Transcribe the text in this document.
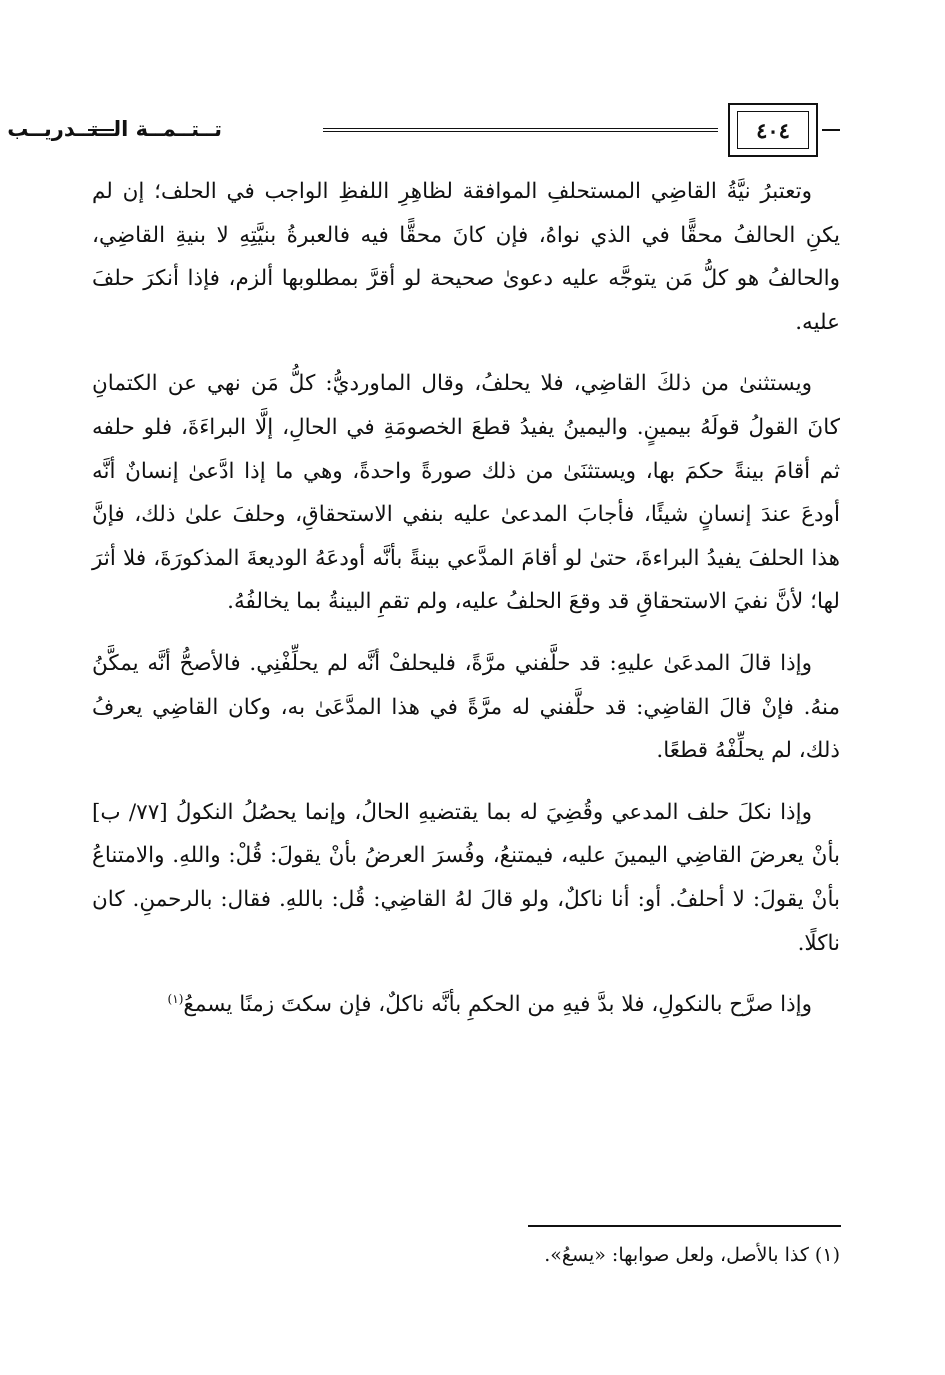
تــتــمــة الــتــدريــب	٤٠٤

وتعتبرُ نيَّةُ القاضِي المستحلفِ الموافقة لظاهِرِ اللفظِ الواجب في الحلف؛ إن لم يكنِ الحالفُ محقًّا في الذي نواهُ، فإن كانَ محقًّا فيه فالعبرةُ بنيَّتِهِ لا بنيةِ القاضِي، والحالفُ هو كلُّ مَن يتوجَّه عليه دعوىٰ صحيحة لو أقرَّ بمطلوبها ألزم، فإذا أنكرَ حلفَ عليه.

ويستثنىٰ من ذلكَ القاضِي، فلا يحلفُ، وقال الماورديُّ: كلُّ مَن نهي عن الكتمانِ كانَ القولُ قولَهُ بيمينٍ. واليمينُ يفيدُ قطعَ الخصومَةِ في الحالِ، إلَّا البراءَةَ، فلو حلفه ثم أقامَ بينةً حكمَ بها، ويستثنَىٰ من ذلك صورةً واحدةً، وهي ما إذا ادَّعىٰ إنسانٌ أنَّه أودعَ عندَ إنسانٍ شيئًا، فأجابَ المدعىٰ عليه بنفي الاستحقاقِ، وحلفَ علىٰ ذلك، فإنَّ هذا الحلفَ يفيدُ البراءةَ، حتىٰ لو أقامَ المدَّعي بينةً بأنَّه أودعَهُ الوديعةَ المذكورَةَ، فلا أثرَ لها؛ لأنَّ نفيَ الاستحقاقِ قد وقعَ الحلفُ عليه، ولم تقمِ البينةُ بما يخالفُهُ.

وإذا قالَ المدعَىٰ عليهِ: قد حلَّفني مرَّةً، فليحلفْ أنَّه لم يحلِّفْنِي. فالأصحُّ أنَّه يمكَّنُ منهُ. فإنْ قالَ القاضِي: قد حلَّفني له مرَّةً في هذا المدَّعَىٰ به، وكان القاضِي يعرفُ ذلك، لم يحلِّفْهُ قطعًا.

وإذا نكلَ حلف المدعي وقُضِيَ له بما يقتضيهِ الحالُ، وإنما يحصُلُ النكولُ [٧٧/ ب] بأنْ يعرضَ القاضِي اليمينَ عليه، فيمتنعُ، وفُسرَ العرضُ بأنْ يقولَ: قُلْ: واللهِ. والامتناعُ بأنْ يقولَ: لا أحلفُ. أو: أنا ناكلٌ، ولو قالَ لهُ القاضِي: قُل: باللهِ. فقال: بالرحمنِ. كان ناكلًا.

وإذا صرَّح بالنكولِ، فلا بدَّ فيهِ من الحكمِ بأنَّه ناكلٌ، فإن سكتَ زمنًا يسمعُ$^{(١)}$

(١) كذا بالأصل، ولعل صوابها: «يسعُ».
